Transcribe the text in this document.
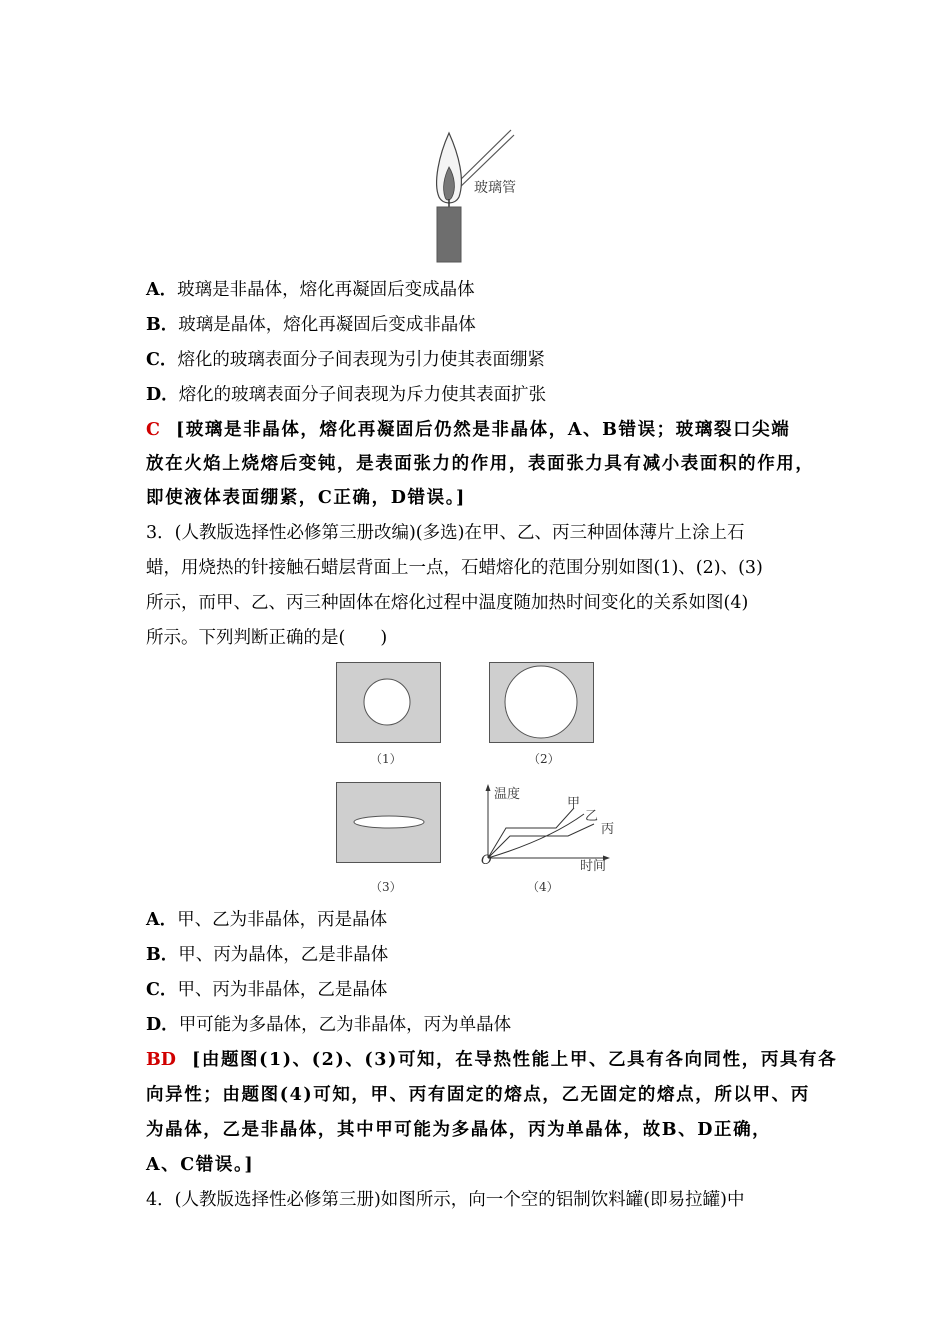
玻璃管
A．玻璃是非晶体，熔化再凝固后变成晶体
B．玻璃是晶体，熔化再凝固后变成非晶体
C．熔化的玻璃表面分子间表现为引力使其表面绷紧
D．熔化的玻璃表面分子间表现为斥力使其表面扩张
C [玻璃是非晶体，熔化再凝固后仍然是非晶体，A、B错误；玻璃裂口尖端
放在火焰上烧熔后变钝，是表面张力的作用，表面张力具有减小表面积的作用，
即使液体表面绷紧，C正确，D错误。]
3．(人教版选择性必修第三册改编)(多选)在甲、乙、丙三种固体薄片上涂上石
蜡，用烧热的针接触石蜡层背面上一点，石蜡熔化的范围分别如图(1)、(2)、(3)
所示，而甲、乙、丙三种固体在熔化过程中温度随加热时间变化的关系如图(4)
所示。下列判断正确的是(　　)
（1）	（2）
（3）
温度
时间
O
甲
乙
丙
（4）
A．甲、乙为非晶体，丙是晶体
B．甲、丙为晶体，乙是非晶体
C．甲、丙为非晶体，乙是晶体
D．甲可能为多晶体，乙为非晶体，丙为单晶体
BD [由题图(1)、(2)、(3)可知，在导热性能上甲、乙具有各向同性，丙具有各
向异性；由题图(4)可知，甲、丙有固定的熔点，乙无固定的熔点，所以甲、丙
为晶体，乙是非晶体，其中甲可能为多晶体，丙为单晶体，故B、D正确，
A、C错误。]
4．(人教版选择性必修第三册)如图所示，向一个空的铝制饮料罐(即易拉罐)中
